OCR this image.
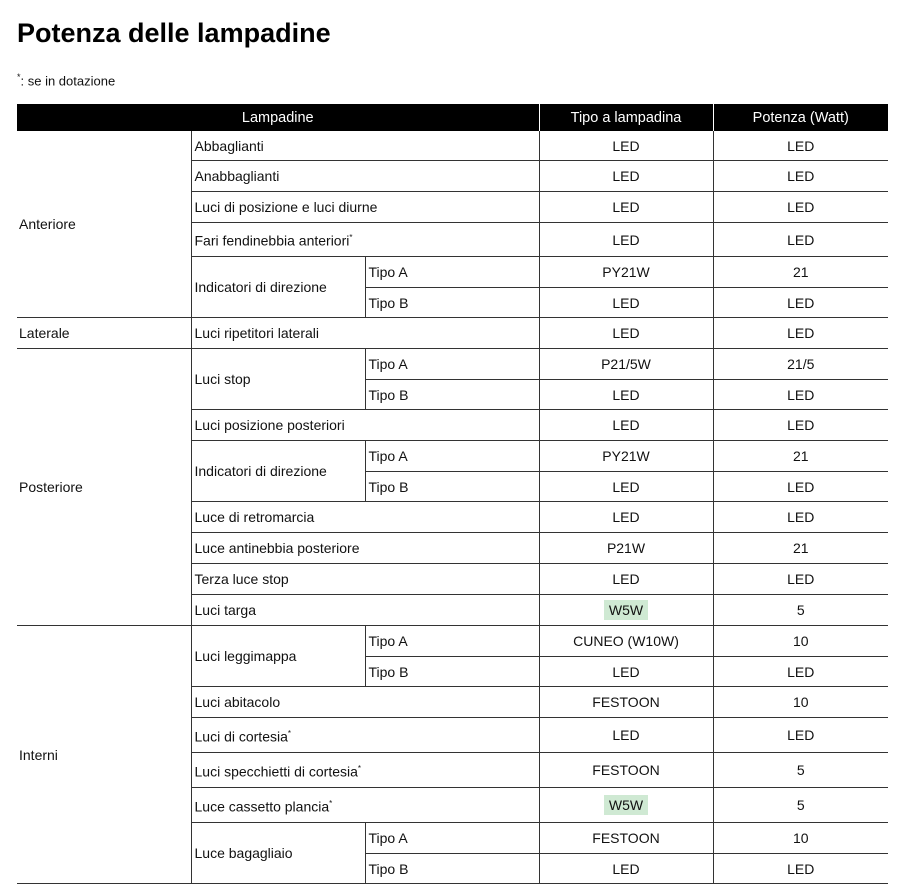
Potenza delle lampadine

*: se in dotazione

Lampadine			Tipo a lampadina	Potenza (Watt)
Anteriore	Abbaglianti		LED	LED
	Anabbaglianti		LED	LED
	Luci di posizione e luci diurne		LED	LED
	Fari fendinebbia anteriori*		LED	LED
	Indicatori di direzione	Tipo A	PY21W	21
		Tipo B	LED	LED
Laterale	Luci ripetitori laterali		LED	LED
Posteriore	Luci stop	Tipo A	P21/5W	21/5
		Tipo B	LED	LED
	Luci posizione posteriori		LED	LED
	Indicatori di direzione	Tipo A	PY21W	21
		Tipo B	LED	LED
	Luce di retromarcia		LED	LED
	Luce antinebbia posteriore		P21W	21
	Terza luce stop		LED	LED
	Luci targa		W5W	5
Interni	Luci leggimappa	Tipo A	CUNEO (W10W)	10
		Tipo B	LED	LED
	Luci abitacolo		FESTOON	10
	Luci di cortesia*		LED	LED
	Luci specchietti di cortesia*		FESTOON	5
	Luce cassetto plancia*		W5W	5
	Luce bagagliaio	Tipo A	FESTOON	10
		Tipo B	LED	LED
